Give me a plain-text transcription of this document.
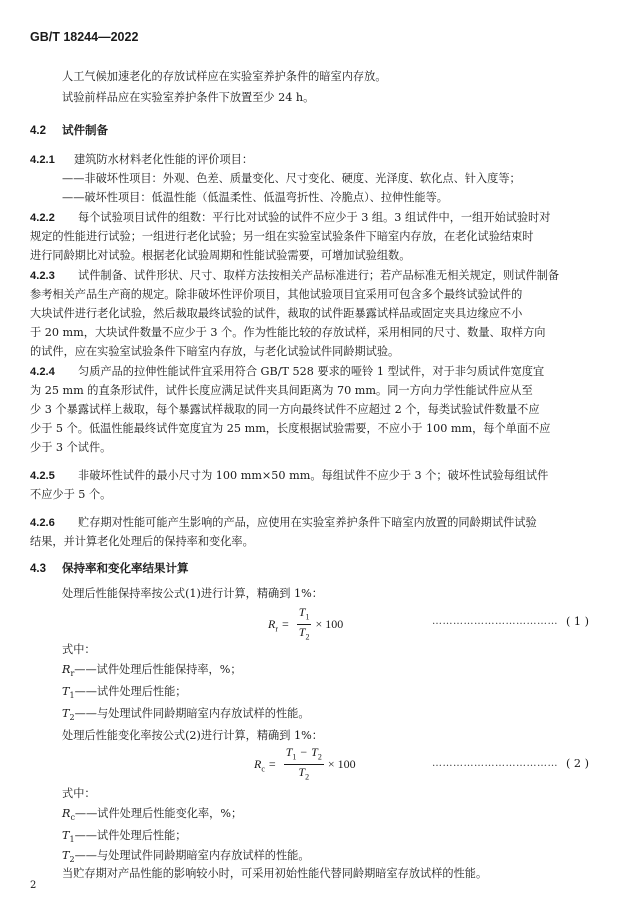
GB/T 18244—2022
人工气候加速老化的存放试样应在实验室养护条件的暗室内存放。
试验前样品应在实验室养护条件下放置至少 24 h。
4.2 试件制备
4.2.1 建筑防水材料老化性能的评价项目：
——非破坏性项目：外观、色差、质量变化、尺寸变化、硬度、光泽度、软化点、针入度等；
——破坏性项目：低温性能（低温柔性、低温弯折性、冷脆点）、拉伸性能等。
4.2.2 每个试验项目试件的组数：平行比对试验的试件不应少于 3 组。3 组试件中，一组开始试验时对
规定的性能进行试验；一组进行老化试验；另一组在实验室试验条件下暗室内存放，在老化试验结束时
进行同龄期比对试验。根据老化试验周期和性能试验需要，可增加试验组数。
4.2.3 试件制备、试件形状、尺寸、取样方法按相关产品标准进行；若产品标准无相关规定，则试件制备
参考相关产品生产商的规定。除非破坏性评价项目，其他试验项目宜采用可包含多个最终试验试件的
大块试件进行老化试验，然后裁取最终试验的试件，裁取的试件距暴露试样品或固定夹具边缘应不小
于 20 mm，大块试件数量不应少于 3 个。作为性能比较的存放试样，采用相同的尺寸、数量、取样方向
的试件，应在实验室试验条件下暗室内存放，与老化试验试件同龄期试验。
4.2.4 匀质产品的拉伸性能试件宜采用符合 GB/T 528 要求的哑铃 1 型试件，对于非匀质试件宽度宜
为 25 mm 的直条形试件，试件长度应满足试件夹具间距离为 70 mm。同一方向力学性能试件应从至
少 3 个暴露试样上裁取，每个暴露试样裁取的同一方向最终试件不应超过 2 个，每类试验试件数量不应
少于 5 个。低温性能最终试件宽度宜为 25 mm，长度根据试验需要，不应小于 100 mm，每个单面不应
少于 3 个试件。
4.2.5 非破坏性试件的最小尺寸为 100 mm×50 mm。每组试件不应少于 3 个；破坏性试验每组试件
不应少于 5 个。
4.2.6 贮存期对性能可能产生影响的产品，应使用在实验室养护条件下暗室内放置的同龄期试件试验
结果，并计算老化处理后的保持率和变化率。
4.3 保持率和变化率结果计算
处理后性能保持率按公式(1)进行计算，精确到 1%：
$R_r = \frac{T_1}{T_2} \times 100$	……………………………… ( 1 )
式中：
$R_r——$试件处理后性能保持率，%；
$T_1——$试件处理后性能；
$T_2——$与处理试件同龄期暗室内存放试样的性能。
处理后性能变化率按公式(2)进行计算，精确到 1%：
$R_c = \frac{T_1 - T_2}{T_2} \times 100$	……………………………… ( 2 )
式中：
$R_c——$试件处理后性能变化率，%；
$T_1——$试件处理后性能；
$T_2——$与处理试件同龄期暗室内存放试样的性能。
当贮存期对产品性能的影响较小时，可采用初始性能代替同龄期暗室存放试样的性能。
2
